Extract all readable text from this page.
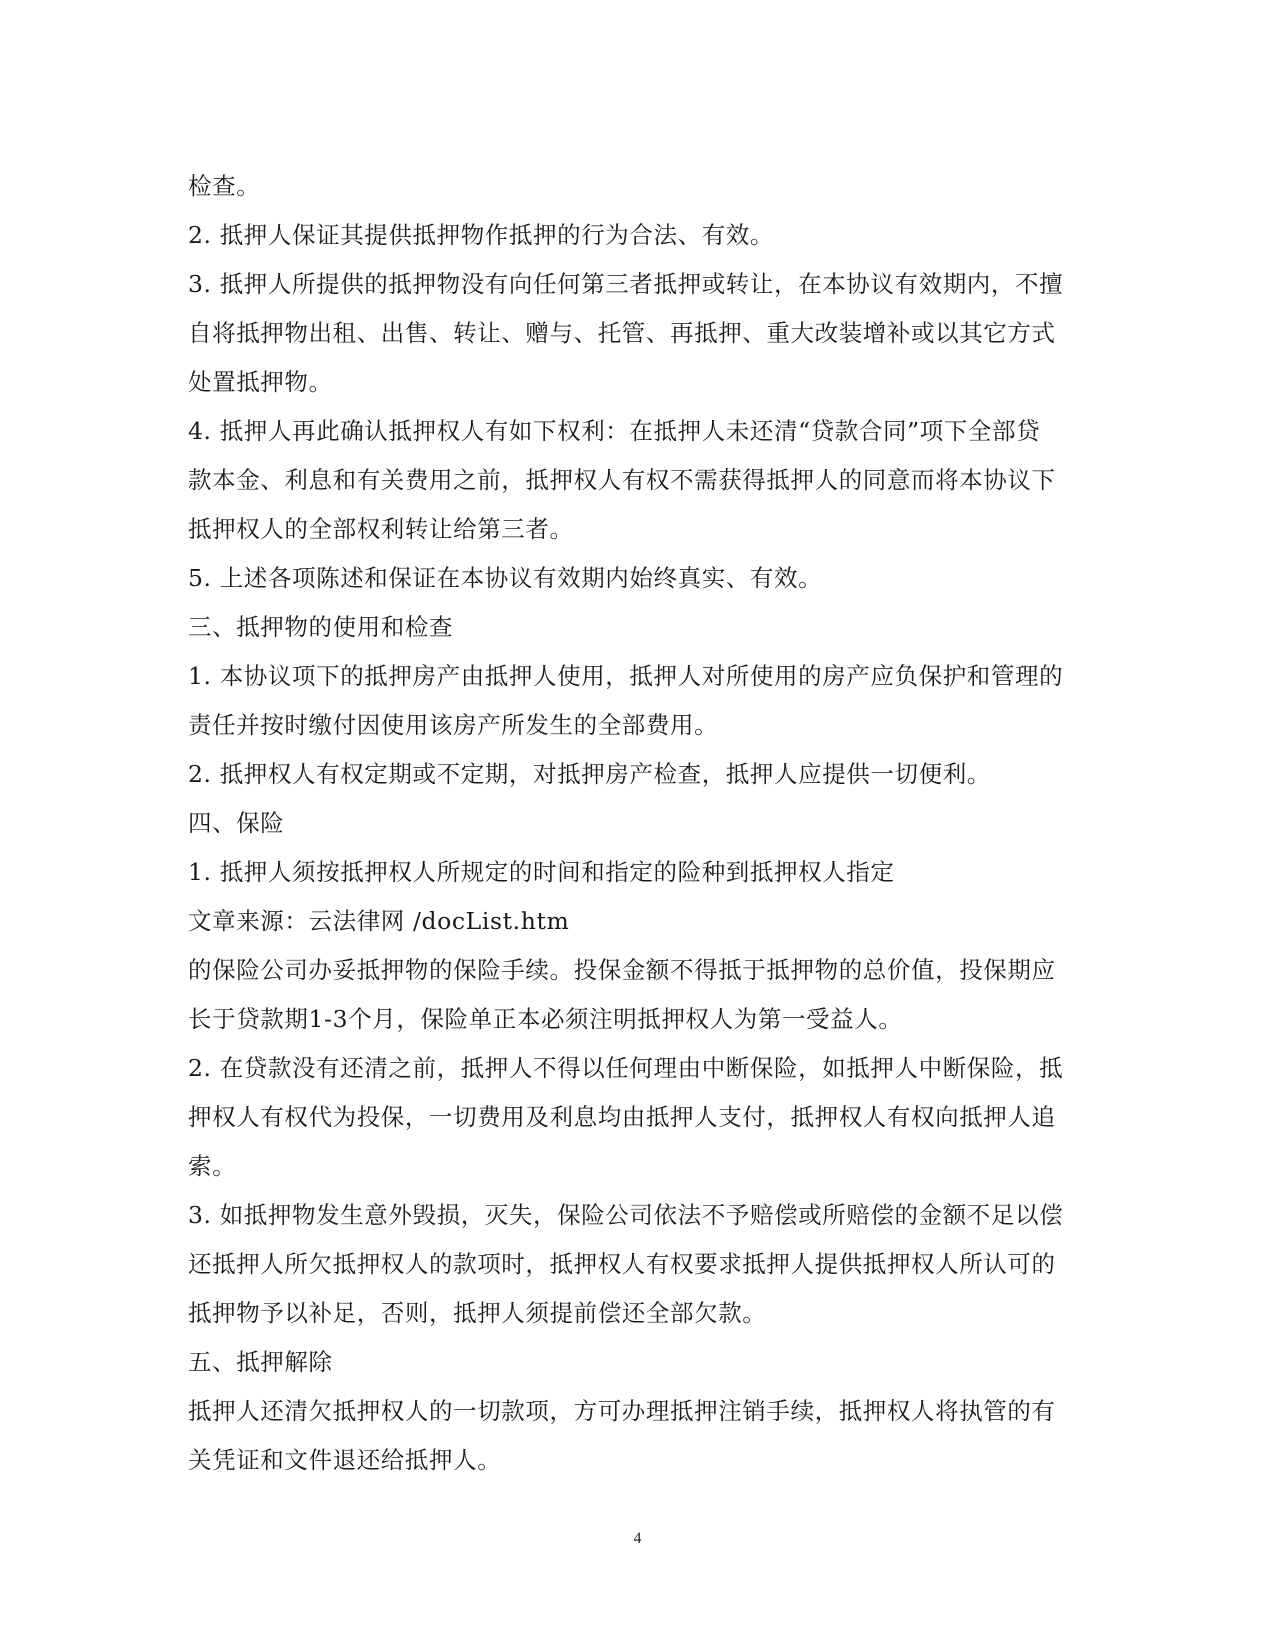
检查。

2. 抵押人保证其提供抵押物作抵押的行为合法、有效。

3. 抵押人所提供的抵押物没有向任何第三者抵押或转让，在本协议有效期内，不擅

自将抵押物出租、出售、转让、赠与、托管、再抵押、重大改装增补或以其它方式

处置抵押物。

4. 抵押人再此确认抵押权人有如下权利：在抵押人未还清“贷款合同”项下全部贷

款本金、利息和有关费用之前，抵押权人有权不需获得抵押人的同意而将本协议下

抵押权人的全部权利转让给第三者。

5. 上述各项陈述和保证在本协议有效期内始终真实、有效。

三、抵押物的使用和检查

1. 本协议项下的抵押房产由抵押人使用，抵押人对所使用的房产应负保护和管理的

责任并按时缴付因使用该房产所发生的全部费用。

2. 抵押权人有权定期或不定期，对抵押房产检查，抵押人应提供一切便利。

四、保险

1. 抵押人须按抵押权人所规定的时间和指定的险种到抵押权人指定

文章来源：云法律网 /docList.htm

的保险公司办妥抵押物的保险手续。投保金额不得抵于抵押物的总价值，投保期应

长于贷款期1-3个月，保险单正本必须注明抵押权人为第一受益人。

2. 在贷款没有还清之前，抵押人不得以任何理由中断保险，如抵押人中断保险，抵

押权人有权代为投保，一切费用及利息均由抵押人支付，抵押权人有权向抵押人追

索。

3. 如抵押物发生意外毁损，灭失，保险公司依法不予赔偿或所赔偿的金额不足以偿

还抵押人所欠抵押权人的款项时，抵押权人有权要求抵押人提供抵押权人所认可的

抵押物予以补足，否则，抵押人须提前偿还全部欠款。

五、抵押解除

抵押人还清欠抵押权人的一切款项，方可办理抵押注销手续，抵押权人将执管的有

关凭证和文件退还给抵押人。

4
